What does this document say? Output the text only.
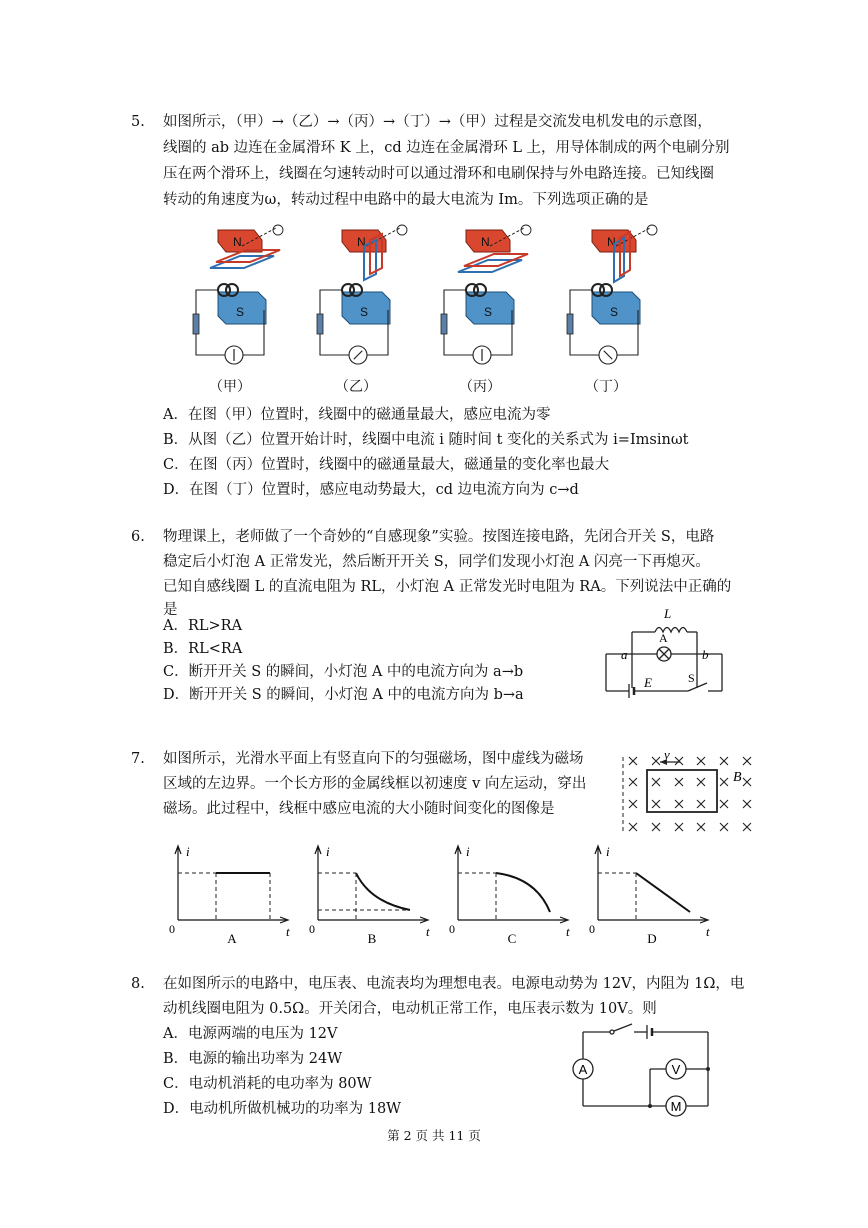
5. 如图所示，（甲）→（乙）→（丙）→（丁）→（甲）过程是交流发电机发电的示意图，
线圈的 ab 边连在金属滑环 K 上，cd 边连在金属滑环 L 上，用导体制成的两个电刷分别
压在两个滑环上，线圈在匀速转动时可以通过滑环和电刷保持与外电路连接。已知线圈
转动的角速度为ω，转动过程中电路中的最大电流为 Im。下列选项正确的是
N
S
N
S
N
S
N
S
（甲）	（乙）	（丙）	（丁）
A．在图（甲）位置时，线圈中的磁通量最大，感应电流为零
B．从图（乙）位置开始计时，线圈中电流 i 随时间 t 变化的关系式为 i=Imsinωt
C．在图（丙）位置时，线圈中的磁通量最大，磁通量的变化率也最大
D．在图（丁）位置时，感应电动势最大，cd 边电流方向为 c→d
6. 物理课上，老师做了一个奇妙的“自感现象”实验。按图连接电路，先闭合开关 S，电路
稳定后小灯泡 A 正常发光，然后断开开关 S，同学们发现小灯泡 A 闪亮一下再熄灭。
已知自感线圈 L 的直流电阻为 RL，小灯泡 A 正常发光时电阻为 RA。下列说法中正确的
是
A．RL>RA
B．RL<RA
C．断开开关 S 的瞬间，小灯泡 A 中的电流方向为 a→b
D．断开开关 S 的瞬间，小灯泡 A 中的电流方向为 b→a
L
A
a	b
E	S
7. 如图所示，光滑水平面上有竖直向下的匀强磁场，图中虚线为磁场
区域的左边界。一个长方形的金属线框以初速度 v 向左运动，穿出
磁场。此过程中，线框中感应电流的大小随时间变化的图像是
v
B
i
t
0
A
i
t
0
B
i
t
0
C
i
t
0
D
8. 在如图所示的电路中，电压表、电流表均为理想电表。电源电动势为 12V，内阻为 1Ω，电
动机线圈电阻为 0.5Ω。开关闭合，电动机正常工作，电压表示数为 10V。则
A．电源两端的电压为 12V
B．电源的输出功率为 24W
C．电动机消耗的电功率为 80W
D．电动机所做机械功的功率为 18W
A	V
M
第 2 页 共 11 页
